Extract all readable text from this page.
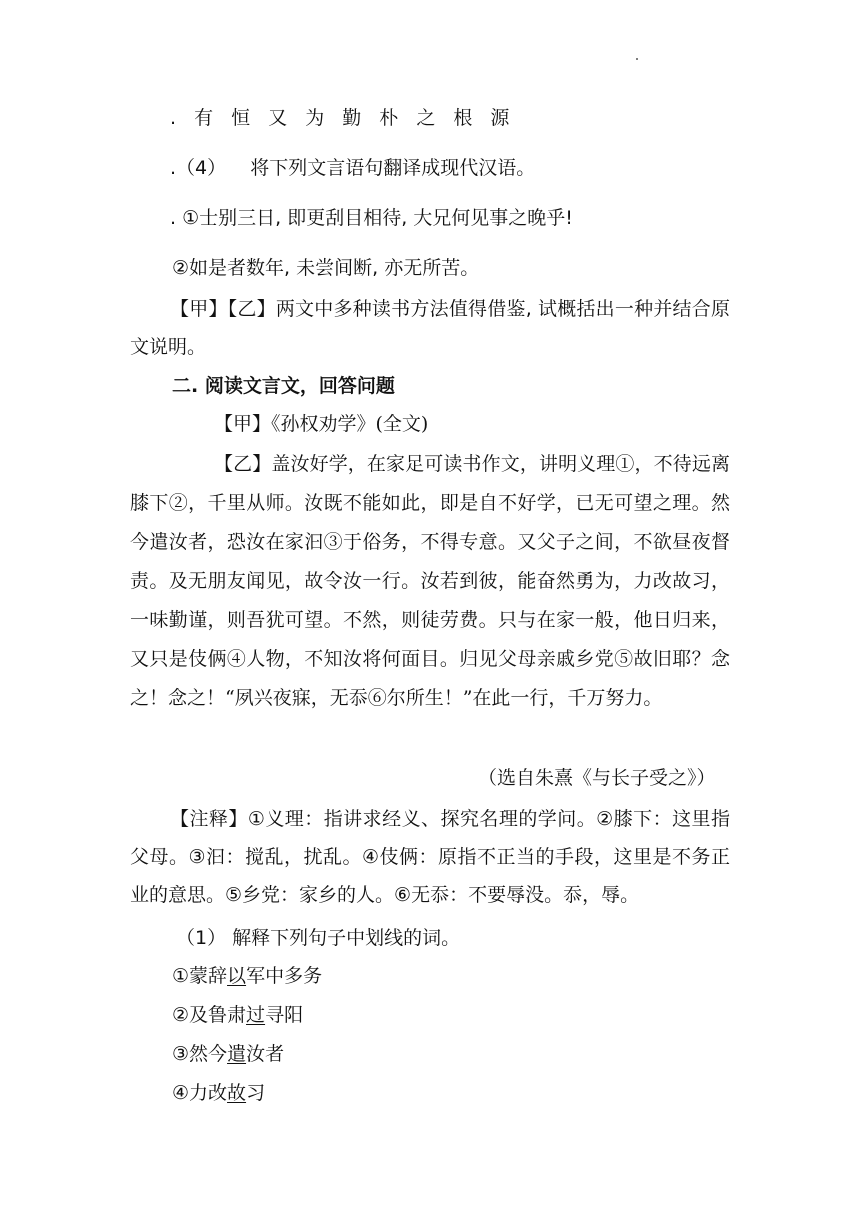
. 有 恒 又 为 勤 朴 之 根 源
.（4） 将下列文言语句翻译成现代汉语。
. ①士别三日, 即更刮目相待, 大兄何见事之晚乎!
②如是者数年, 未尝间断, 亦无所苦。
【甲】【乙】两文中多种读书方法值得借鉴, 试概括出一种并结合原文说明。
二. 阅读文言文，回答问题
【甲】《孙权劝学》(全文)
【乙】盖汝好学，在家足可读书作文，讲明义理①，不待远离膝下②，千里从师。汝既不能如此，即是自不好学，已无可望之理。然今遣汝者，恐汝在家汩③于俗务，不得专意。又父子之间，不欲昼夜督责。及无朋友闻见，故令汝一行。汝若到彼，能奋然勇为，力改故习，一味勤谨，则吾犹可望。不然，则徒劳费。只与在家一般，他日归来，又只是伎俩④人物，不知汝将何面目。归见父母亲戚乡党⑤故旧耶？念之！念之！“夙兴夜寐，无忝⑥尔所生！”在此一行，千万努力。
（选自朱熹《与长子受之》）
【注释】①义理：指讲求经义、探究名理的学问。②膝下：这里指父母。③汩：搅乱，扰乱。④伎俩：原指不正当的手段，这里是不务正业的意思。⑤乡党：家乡的人。⑥无忝：不要辱没。忝，辱。
（1） 解释下列句子中划线的词。
①蒙辞以军中多务
②及鲁肃过寻阳
③然今遣汝者
④力改故习
